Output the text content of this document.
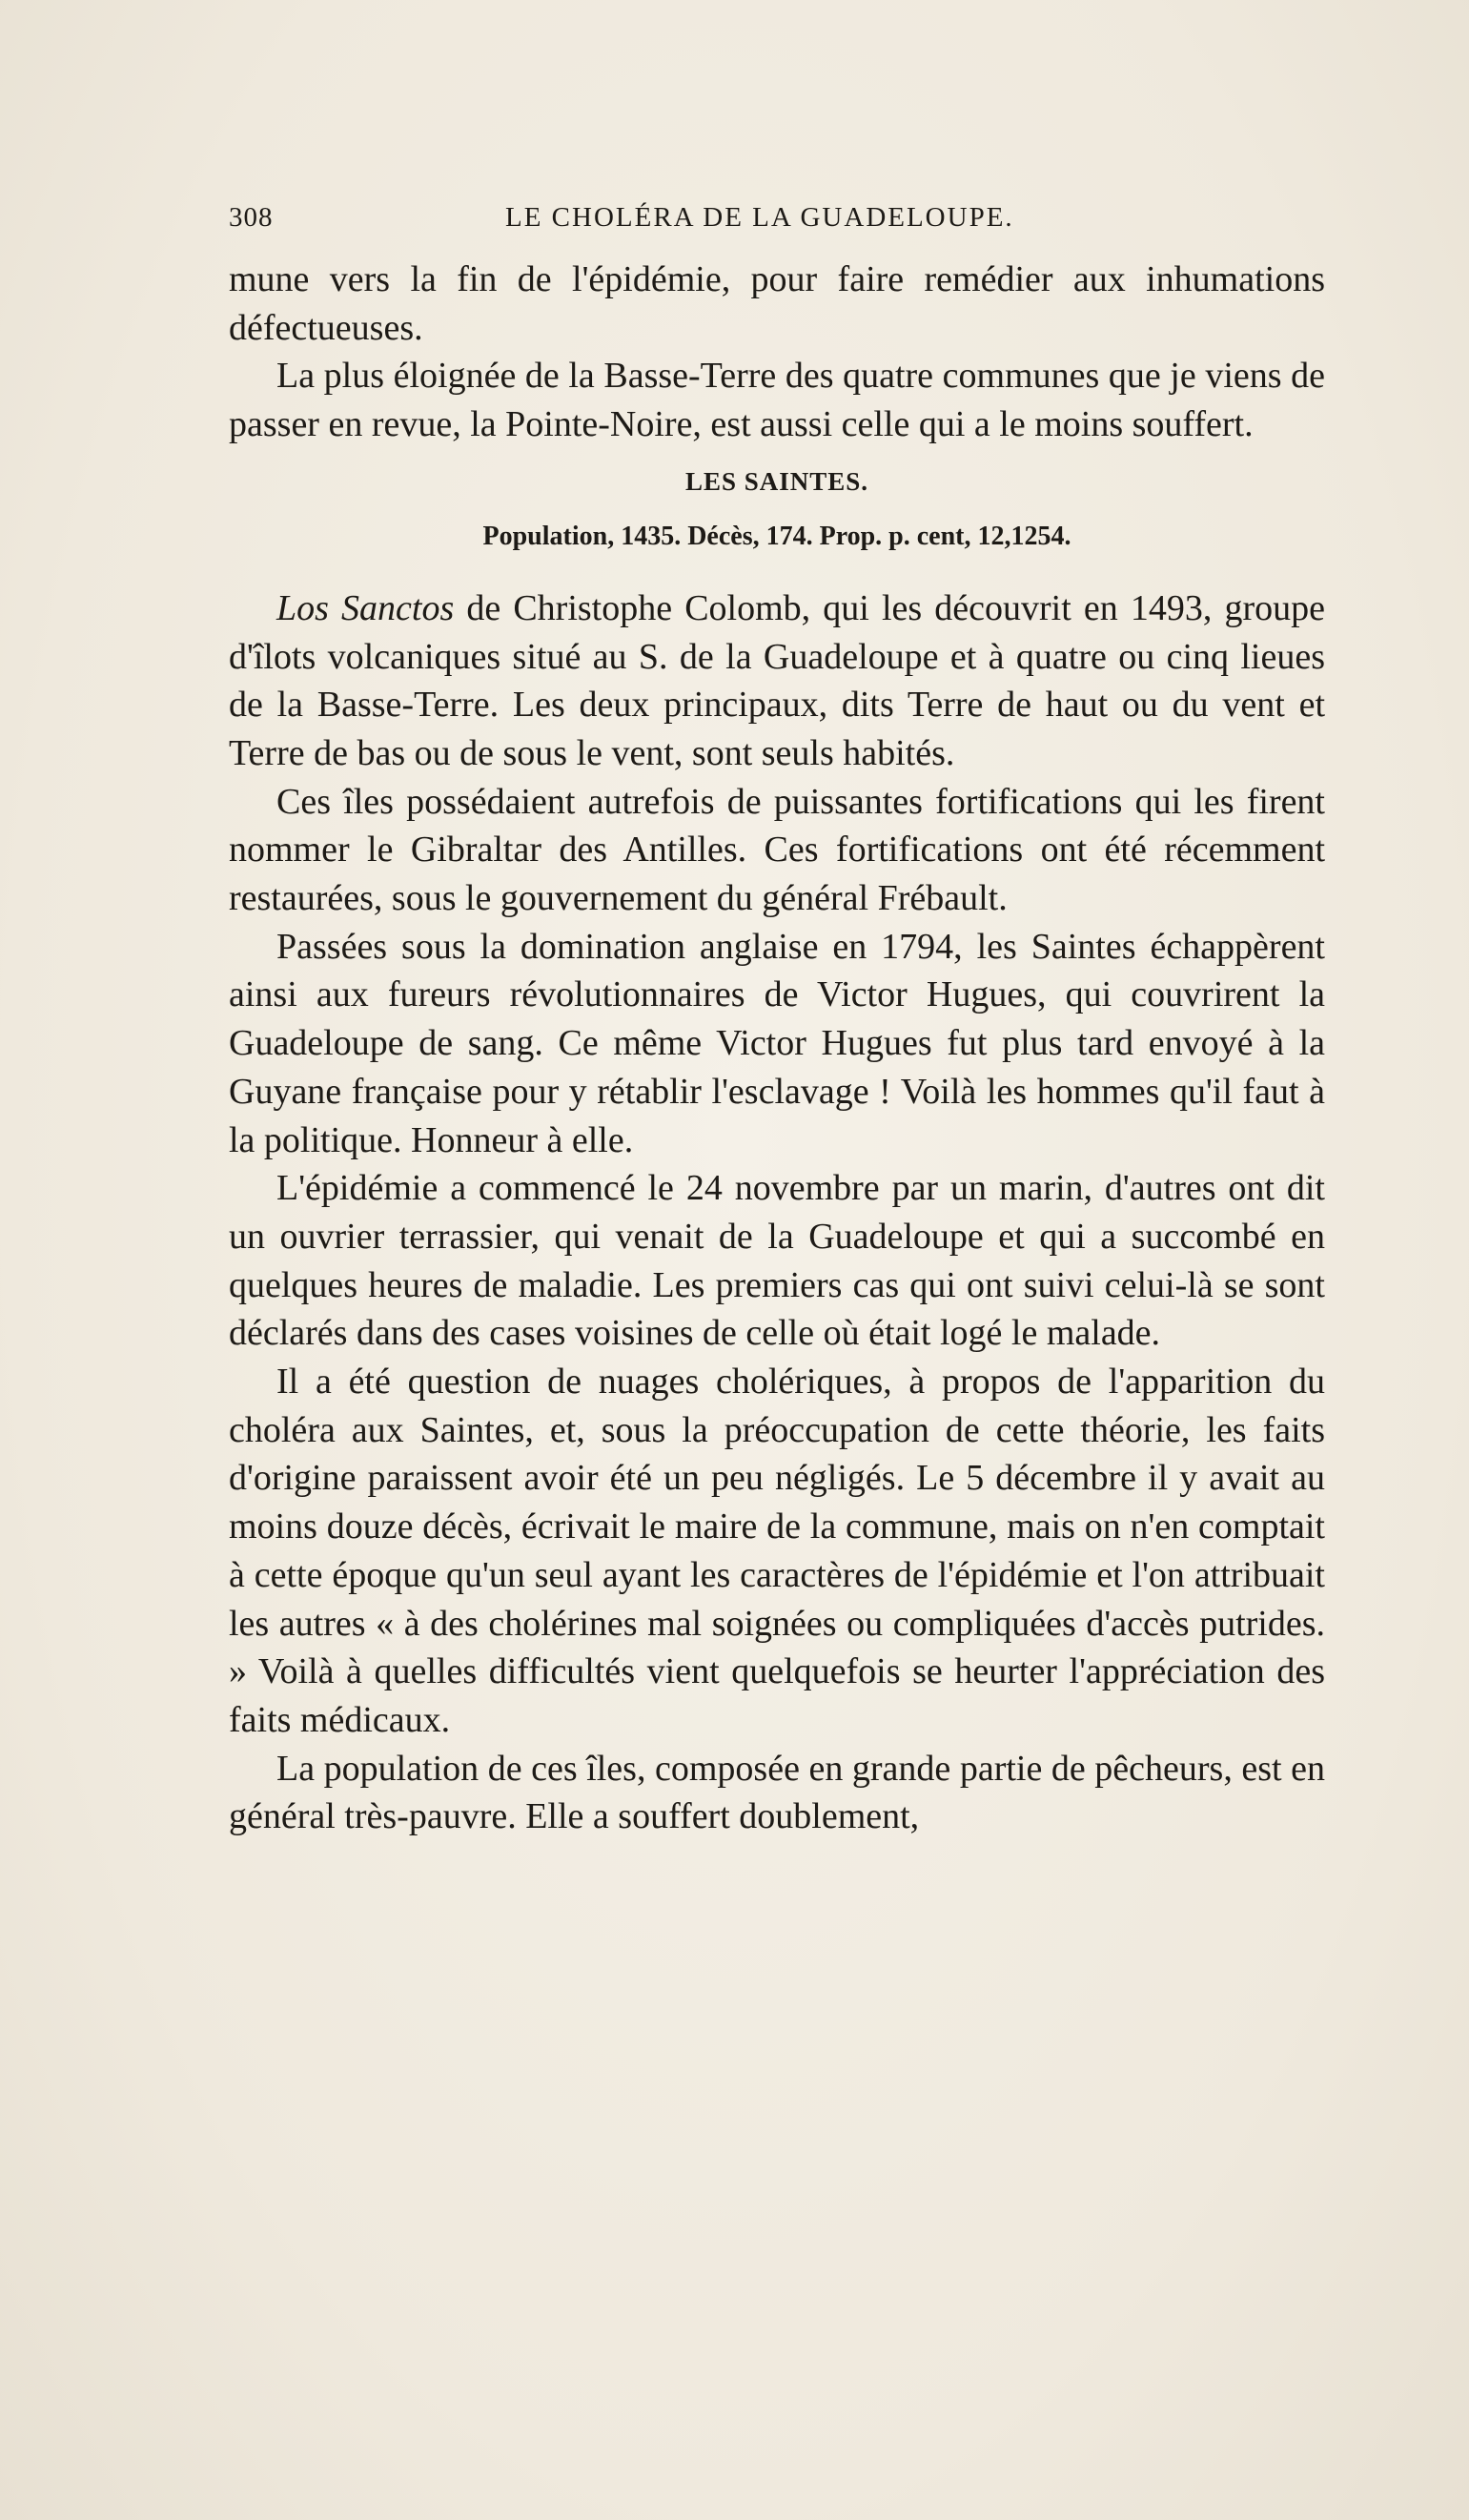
308	LE CHOLÉRA DE LA GUADELOUPE.

mune vers la fin de l'épidémie, pour faire remédier aux inhumations défectueuses.

La plus éloignée de la Basse-Terre des quatre communes que je viens de passer en revue, la Pointe-Noire, est aussi celle qui a le moins souffert.

LES SAINTES.
Population, 1435. Décès, 174. Prop. p. cent, 12,1254.

Los Sanctos de Christophe Colomb, qui les découvrit en 1493, groupe d'îlots volcaniques situé au S. de la Guadeloupe et à quatre ou cinq lieues de la Basse-Terre. Les deux principaux, dits Terre de haut ou du vent et Terre de bas ou de sous le vent, sont seuls habités.

Ces îles possédaient autrefois de puissantes fortifications qui les firent nommer le Gibraltar des Antilles. Ces fortifications ont été récemment restaurées, sous le gouvernement du général Frébault.

Passées sous la domination anglaise en 1794, les Saintes échappèrent ainsi aux fureurs révolutionnaires de Victor Hugues, qui couvrirent la Guadeloupe de sang. Ce même Victor Hugues fut plus tard envoyé à la Guyane française pour y rétablir l'esclavage ! Voilà les hommes qu'il faut à la politique. Honneur à elle.

L'épidémie a commencé le 24 novembre par un marin, d'autres ont dit un ouvrier terrassier, qui venait de la Guadeloupe et qui a succombé en quelques heures de maladie. Les premiers cas qui ont suivi celui-là se sont déclarés dans des cases voisines de celle où était logé le malade.

Il a été question de nuages cholériques, à propos de l'apparition du choléra aux Saintes, et, sous la préoccupation de cette théorie, les faits d'origine paraissent avoir été un peu négligés. Le 5 décembre il y avait au moins douze décès, écrivait le maire de la commune, mais on n'en comptait à cette époque qu'un seul ayant les caractères de l'épidémie et l'on attribuait les autres « à des cholérines mal soignées ou compliquées d'accès putrides. » Voilà à quelles difficultés vient quelquefois se heurter l'appréciation des faits médicaux.

La population de ces îles, composée en grande partie de pêcheurs, est en général très-pauvre. Elle a souffert doublement,
